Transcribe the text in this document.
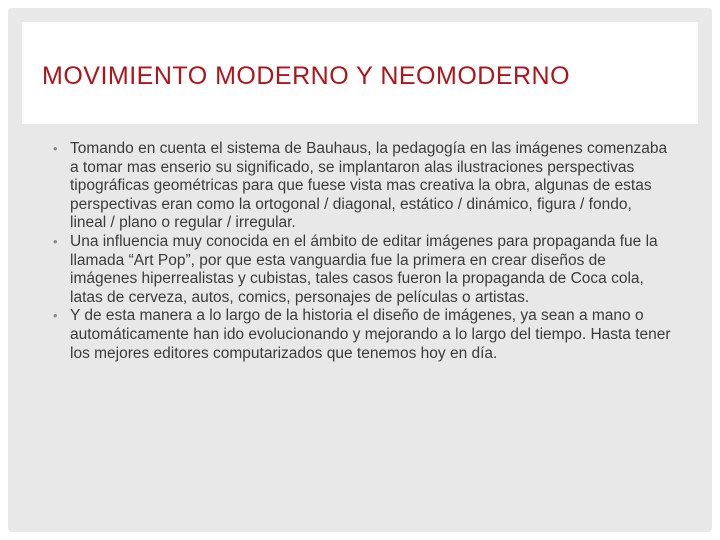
MOVIMIENTO MODERNO Y NEOMODERNO
• Tomando en cuenta el sistema de Bauhaus, la pedagogía en las imágenes comenzaba a tomar mas enserio su significado, se implantaron alas ilustraciones perspectivas tipográficas geométricas para que fuese vista mas creativa la obra, algunas de estas perspectivas eran como la ortogonal / diagonal, estático / dinámico, figura / fondo, lineal / plano o regular / irregular.
• Una influencia muy conocida en el ámbito de editar imágenes para propaganda fue la llamada “Art Pop”, por que esta vanguardia fue la primera en crear diseños de imágenes hiperrealistas y cubistas, tales casos fueron la propaganda de Coca cola, latas de cerveza, autos, comics, personajes de películas o artistas.
• Y de esta manera a lo largo de la historia el diseño de imágenes, ya sean a mano o automáticamente han ido evolucionando y mejorando a lo largo del tiempo. Hasta tener los mejores editores computarizados que tenemos hoy en día.
